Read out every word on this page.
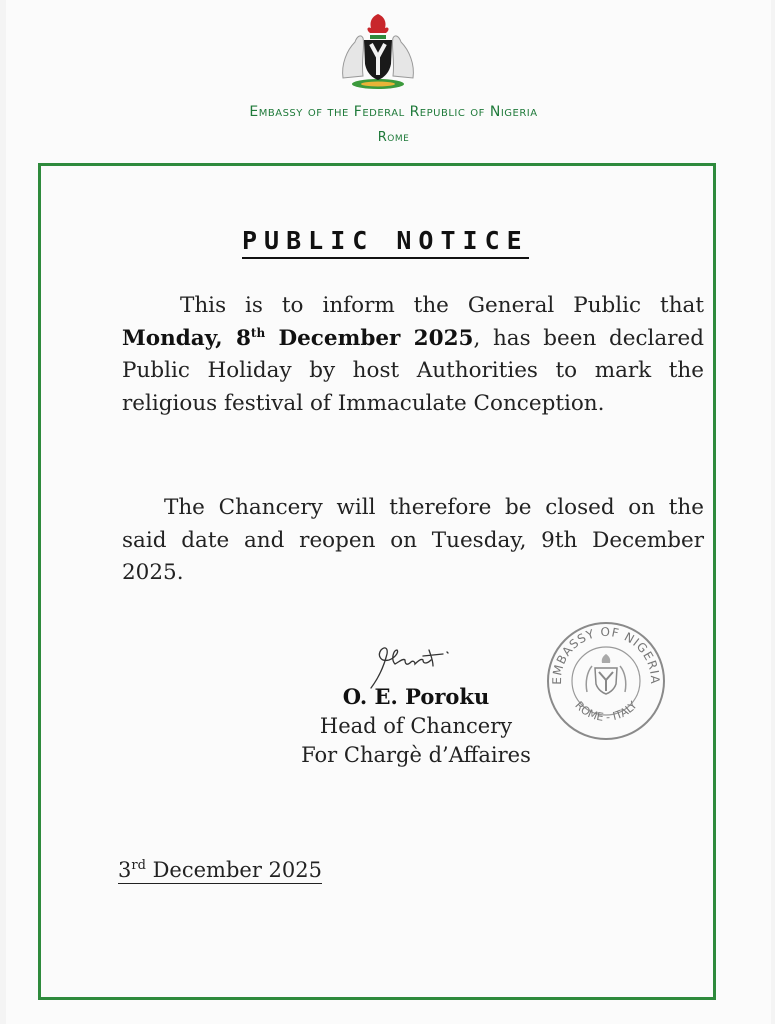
Embassy of the Federal Republic of Nigeria
Rome
PUBLIC NOTICE
This is to inform the General Public that Monday, 8th December 2025, has been declared Public Holiday by host Authorities to mark the religious festival of Immaculate Conception.
The Chancery will therefore be closed on the said date and reopen on Tuesday, 9th December 2025.
EMBASSY OF NIGERIA
ROME - ITALY
O. E. Poroku
Head of Chancery
For Chargè d’Affaires
3rd December 2025
